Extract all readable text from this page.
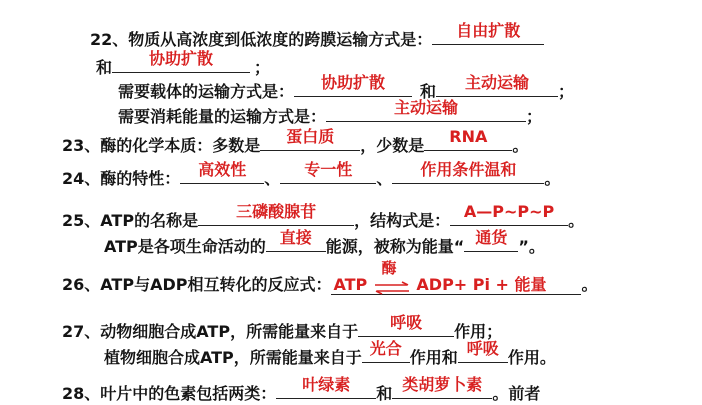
22、物质从高浓度到低浓度的跨膜运输方式是：	自由扩散
和	协助扩散	；
需要载体的运输方式是：	协助扩散	和	主动运输	；
需要消耗能量的运输方式是：	主动运输	；
23、酶的化学本质：多数是	蛋白质	，少数是	RNA	。
24、酶的特性：	高效性	、	专一性	、	作用条件温和	。
25、ATP的名称是	三磷酸腺苷	，结构式是： A—P~P~P 。
ATP是各项生命活动的 直接 能源，被称为能量“ 通货 ”。
26、ATP与ADP相互转化的反应式： ATP
酶
⇌ ADP+ Pi + 能量 。
27、动物细胞合成ATP，所需能量来自于	呼吸	作用；
植物细胞合成ATP，所需能量来自于 光合 作用和 呼吸 作用。
28、叶片中的色素包括两类：	叶绿素	和 类胡萝卜素 。前者
